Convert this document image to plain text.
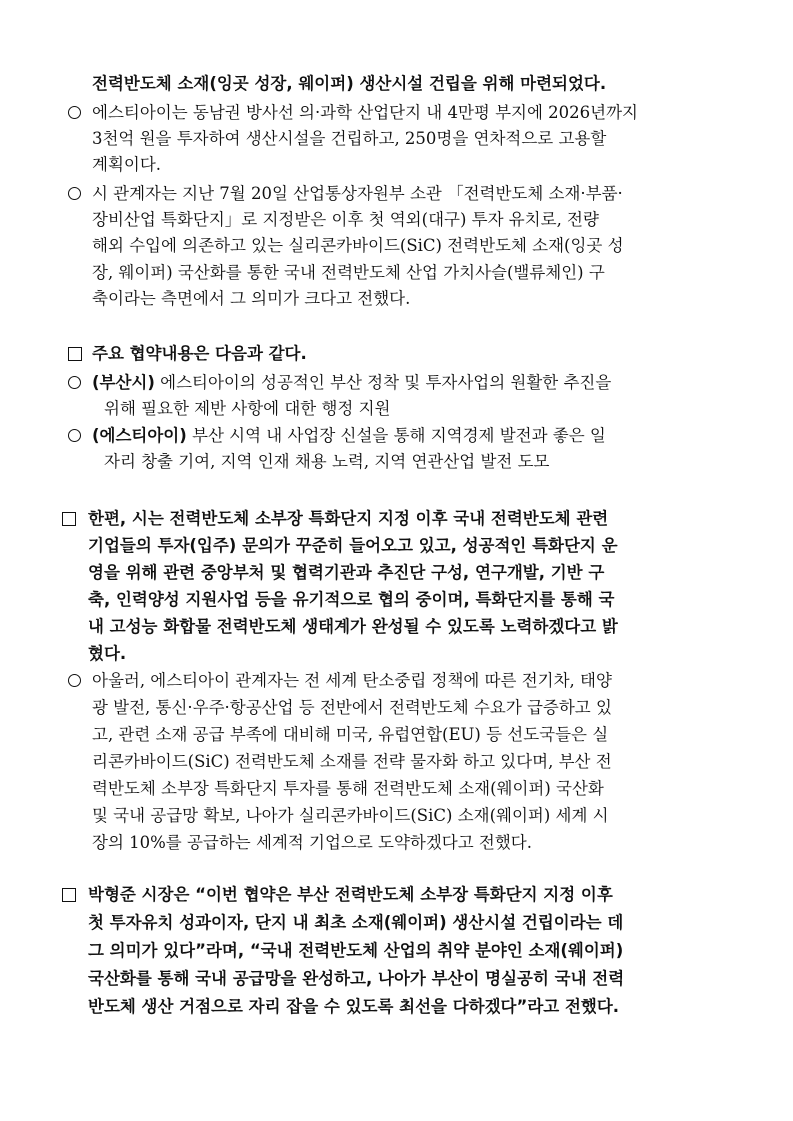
전력반도체 소재(잉곳 성장, 웨이퍼) 생산시설 건립을 위해 마련되었다.
에스티아이는 동남권 방사선 의·과학 산업단지 내 4만평 부지에 2026년까지
3천억 원을 투자하여 생산시설을 건립하고, 250명을 연차적으로 고용할
계획이다.
시 관계자는 지난 7월 20일 산업통상자원부 소관 「전력반도체 소재·부품·
장비산업 특화단지」로 지정받은 이후 첫 역외(대구) 투자 유치로, 전량
해외 수입에 의존하고 있는 실리콘카바이드(SiC) 전력반도체 소재(잉곳 성
장, 웨이퍼) 국산화를 통한 국내 전력반도체 산업 가치사슬(밸류체인) 구
축이라는 측면에서 그 의미가 크다고 전했다.
주요 협약내용은 다음과 같다.
(부산시) 에스티아이의 성공적인 부산 정착 및 투자사업의 원활한 추진을
위해 필요한 제반 사항에 대한 행정 지원
(에스티아이) 부산 시역 내 사업장 신설을 통해 지역경제 발전과 좋은 일
자리 창출 기여, 지역 인재 채용 노력, 지역 연관산업 발전 도모
한편, 시는 전력반도체 소부장 특화단지 지정 이후 국내 전력반도체 관련
기업들의 투자(입주) 문의가 꾸준히 들어오고 있고, 성공적인 특화단지 운
영을 위해 관련 중앙부처 및 협력기관과 추진단 구성, 연구개발, 기반 구
축, 인력양성 지원사업 등을 유기적으로 협의 중이며, 특화단지를 통해 국
내 고성능 화합물 전력반도체 생태계가 완성될 수 있도록 노력하겠다고 밝
혔다.
아울러, 에스티아이 관계자는 전 세계 탄소중립 정책에 따른 전기차, 태양
광 발전, 통신·우주·항공산업 등 전반에서 전력반도체 수요가 급증하고 있
고, 관련 소재 공급 부족에 대비해 미국, 유럽연합(EU) 등 선도국들은 실
리콘카바이드(SiC) 전력반도체 소재를 전략 물자화 하고 있다며, 부산 전
력반도체 소부장 특화단지 투자를 통해 전력반도체 소재(웨이퍼) 국산화
및 국내 공급망 확보, 나아가 실리콘카바이드(SiC) 소재(웨이퍼) 세계 시
장의 10%를 공급하는 세계적 기업으로 도약하겠다고 전했다.
박형준 시장은 “이번 협약은 부산 전력반도체 소부장 특화단지 지정 이후
첫 투자유치 성과이자, 단지 내 최초 소재(웨이퍼) 생산시설 건립이라는 데
그 의미가 있다”라며, “국내 전력반도체 산업의 취약 분야인 소재(웨이퍼)
국산화를 통해 국내 공급망을 완성하고, 나아가 부산이 명실공히 국내 전력
반도체 생산 거점으로 자리 잡을 수 있도록 최선을 다하겠다”라고 전했다.
